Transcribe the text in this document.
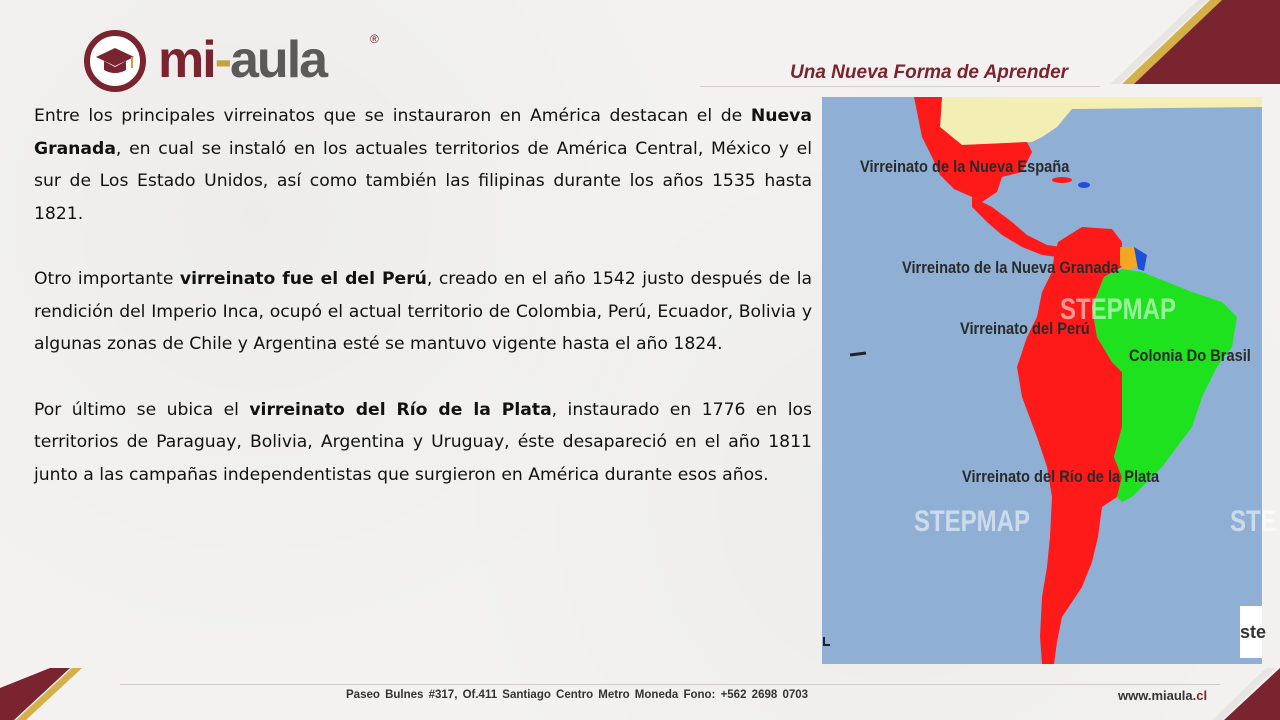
mi-aula	®
Una Nueva Forma de Aprender

Entre los principales virreinatos que se instauraron en América destacan el de Nueva Granada, en cual se instaló en los actuales territorios de América Central, México y el sur de Los Estado Unidos, así como también las filipinas durante los años 1535 hasta 1821.

Otro importante virreinato fue el del Perú, creado en el año 1542 justo después de la rendición del Imperio Inca, ocupó el actual territorio de Colombia, Perú, Ecuador, Bolivia y algunas zonas de Chile y Argentina esté se mantuvo vigente hasta el año 1824.

Por último se ubica el virreinato del Río de la Plata, instaurado en 1776 en los territorios de Paraguay, Bolivia, Argentina y Uruguay, éste desapareció en el año 1811 junto a las campañas independentistas que surgieron en América durante esos años.

Virreinato de la Nueva España
Virreinato de la Nueva Granada
Virreinato del Perú
Colonia Do Brasil
Virreinato del Río de la Plata
STEPMAP
STEPMAP	STE
ste
Paseo Bulnes #317, Of.411 Santiago Centro Metro Moneda Fono: +562 2698 0703	www.miaula.cl
